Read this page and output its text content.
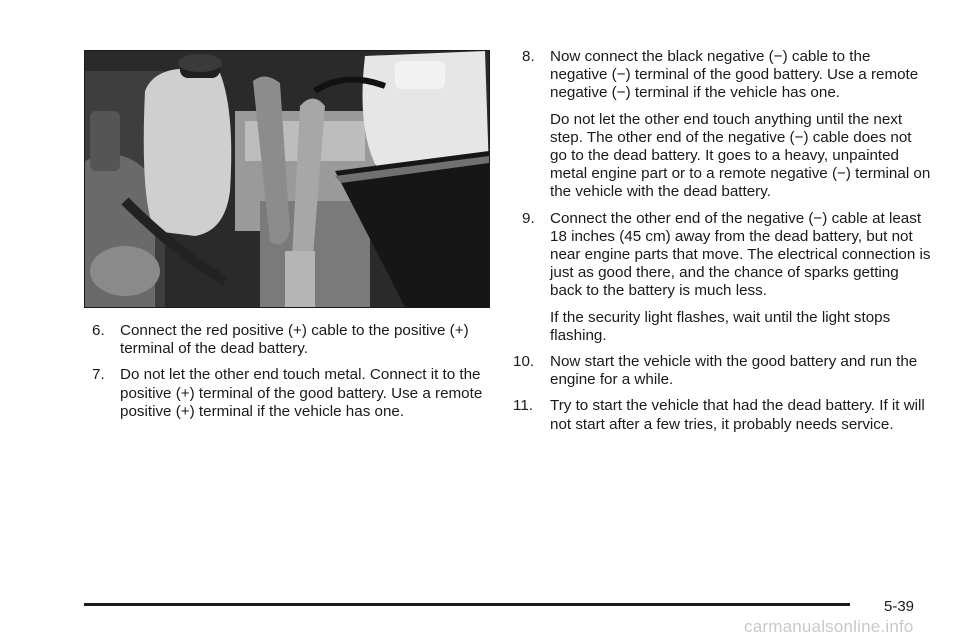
6. Connect the red positive (+) cable to the positive (+) terminal of the dead battery.
7. Do not let the other end touch metal. Connect it to the positive (+) terminal of the good battery. Use a remote positive (+) terminal if the vehicle has one.
8. Now connect the black negative (−) cable to the negative (−) terminal of the good battery. Use a remote negative (−) terminal if the vehicle has one.
Do not let the other end touch anything until the next step. The other end of the negative (−) cable does not go to the dead battery. It goes to a heavy, unpainted metal engine part or to a remote negative (−) terminal on the vehicle with the dead battery.
9. Connect the other end of the negative (−) cable at least 18 inches (45 cm) away from the dead battery, but not near engine parts that move. The electrical connection is just as good there, and the chance of sparks getting back to the battery is much less.
If the security light flashes, wait until the light stops flashing.
10. Now start the vehicle with the good battery and run the engine for a while.
11. Try to start the vehicle that had the dead battery. If it will not start after a few tries, it probably needs service.
5-39
carmanualsonline.info
